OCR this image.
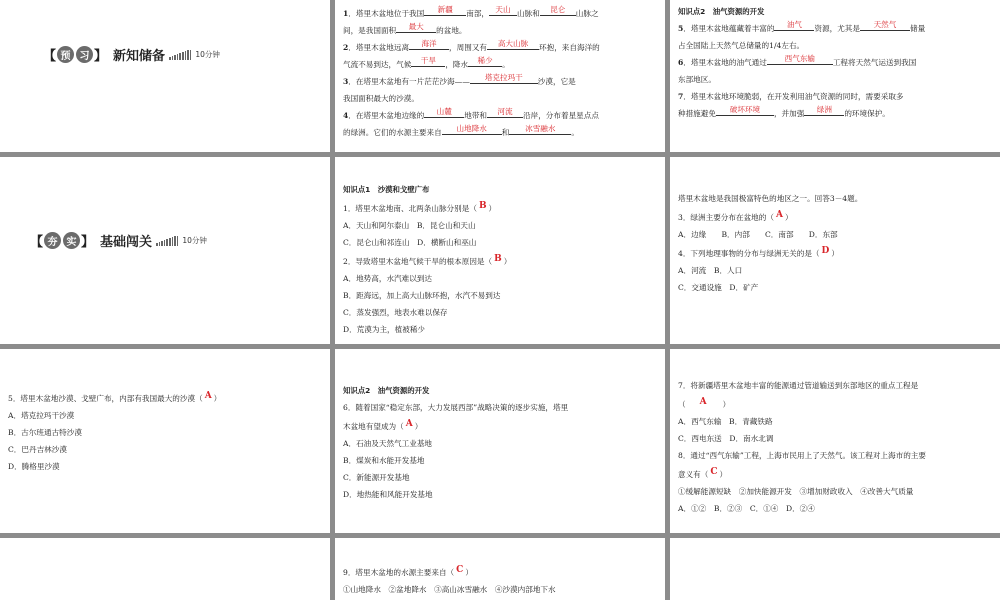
【 预 习 】 新知储备	10分钟
1．塔里木盆地位于我国	新疆	南部， 天山 山脉和	昆仑	山脉之
间，是我国面积	最大	的盆地。
2．塔里木盆地远离	海洋	，周围又有	高大山脉	环抱，来自海洋的
气流不易到达，气候	干旱	，降水	稀少	。
3．在塔里木盆地有一片茫茫沙海——	塔克拉玛干	沙漠，它是
我国面积最大的沙漠。
4．在塔里木盆地边缘的	山麓	地带和	河流	沿岸，分布着星星点点
的绿洲。它们的水源主要来自	山地降水	和	冰雪融水	。
知识点2　油气资源的开发
5．塔里木盆地蕴藏着丰富的	油气	资源，尤其是	天然气	储量
占全国陆上天然气总储量的1/4左右。
6．塔里木盆地的油气通过	西气东输	工程将天然气运送到我国
东部地区。
7．塔里木盆地环境脆弱，在开发利用油气资源的同时，需要采取多
种措施避免	破坏环境	，并加强	绿洲	的环境保护。
【 夯 实 】 基础闯关	10分钟
知识点1　沙漠和戈壁广布
1．塔里木盆地南、北两条山脉分别是（ B ）
A．天山和阿尔泰山　B．昆仑山和天山
C．昆仑山和祁连山　D．横断山和巫山
2．导致塔里木盆地气候干旱的根本原因是（ B ）
A．地势高，水汽难以到达
B．距海远，加上高大山脉环抱，水汽不易到达
C．蒸发强烈，地表水难以保存
D．荒漠为主，植被稀少
塔里木盆地是我国极富特色的地区之一。回答3－4题。
3．绿洲主要分布在盆地的（ A ）
A．边缘　　B．内部　　C．南部　　D．东部
4．下列地理事物的分布与绿洲无关的是（ D ）
A．河流　B．人口
C．交通设施　D．矿产
5．塔里木盆地沙漠、戈壁广布，内部有我国最大的沙漠（ A ）
A．塔克拉玛干沙漠
B．古尔班通古特沙漠
C．巴丹吉林沙漠
D．腾格里沙漠
知识点2　油气资源的开发
6．随着国家“稳定东部，大力发展西部”战略决策的逐步实施，塔里
木盆地有望成为（ A ）
A．石油及天然气工业基地
B．煤炭和水能开发基地
C．新能源开发基地
D．地热能和风能开发基地
7．将新疆塔里木盆地丰富的能源通过管道输送到东部地区的重点工程是
（ A ）
A．西气东输　B．青藏铁路
C．西电东送　D．南水北调
8．通过“西气东输”工程，上海市民用上了天然气。该工程对上海市的主要
意义有（ C ）
①缓解能源短缺　②加快能源开发　③增加财政收入　④改善大气质量
A．①②　B．②③　C．①④　D．②④
9．塔里木盆地的水源主要来自（ C ）
①山地降水　②盆地降水　③高山冰雪融水　④沙漠内部地下水
